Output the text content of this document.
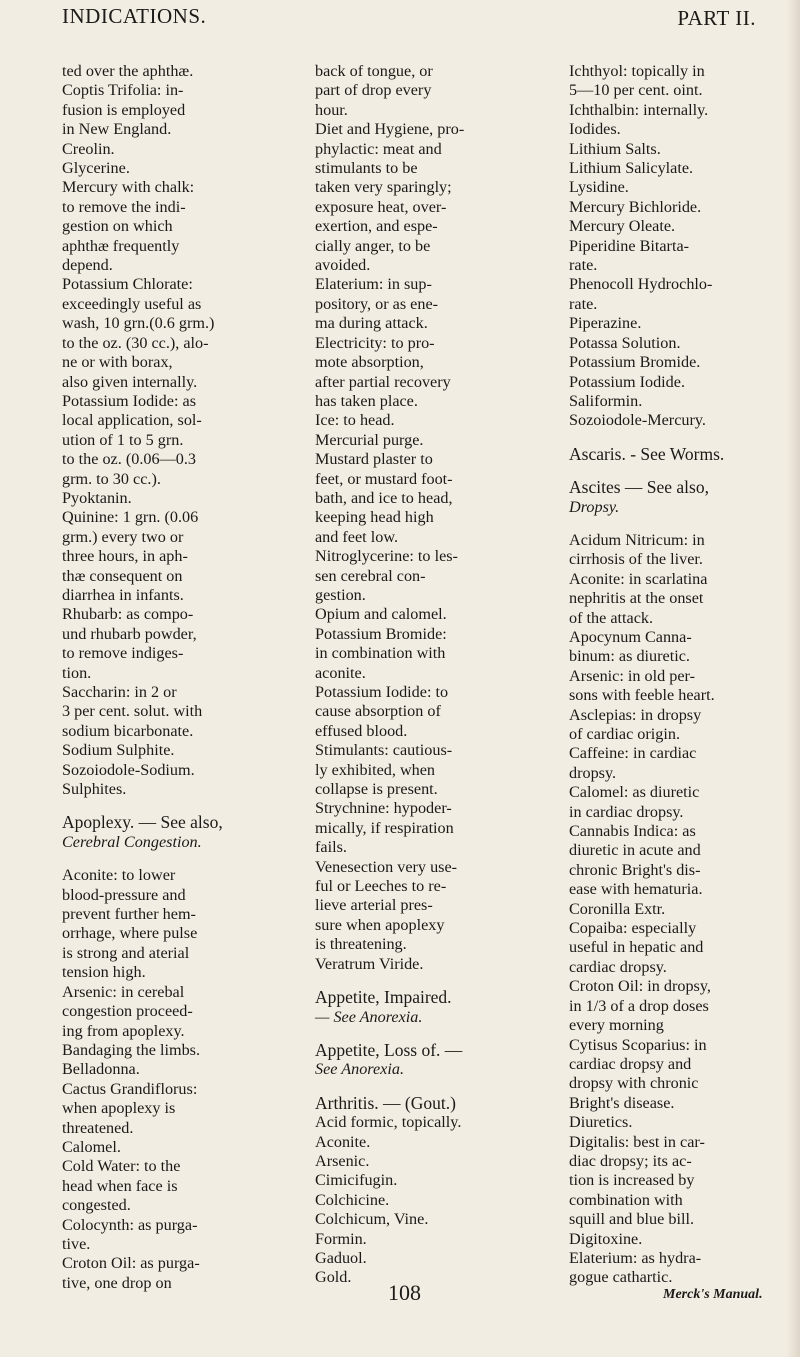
INDICATIONS.	PART II.
ted over the aphthæ.
Coptis Trifolia: in-
fusion is employed
in New England.
Creolin.
Glycerine.
Mercury with chalk:
to remove the indi-
gestion on which
aphthæ frequently
depend.
Potassium Chlorate:
exceedingly useful as
wash, 10 grn.(0.6 grm.)
to the oz. (30 cc.), alo-
ne or with borax,
also given internally.
Potassium Iodide: as
local application, sol-
ution of 1 to 5 grn.
to the oz. (0.06—0.3
grm. to 30 cc.).
Pyoktanin.
Quinine: 1 grn. (0.06
grm.) every two or
three hours, in aph-
thæ consequent on
diarrhea in infants.
Rhubarb: as compo-
und rhubarb powder,
to remove indiges-
tion.
Saccharin: in 2 or
3 per cent. solut. with
sodium bicarbonate.
Sodium Sulphite.
Sozoiodole-Sodium.
Sulphites.
Apoplexy. — See also,
Cerebral Congestion.
Aconite: to lower
blood-pressure and
prevent further hem-
orrhage, where pulse
is strong and aterial
tension high.
Arsenic: in cerebal
congestion proceed-
ing from apoplexy.
Bandaging the limbs.
Belladonna.
Cactus Grandiflorus:
when apoplexy is
threatened.
Calomel.
Cold Water: to the
head when face is
congested.
Colocynth: as purga-
tive.
Croton Oil: as purga-
tive, one drop on
back of tongue, or
part of drop every
hour.
Diet and Hygiene, pro-
phylactic: meat and
stimulants to be
taken very sparingly;
exposure heat, over-
exertion, and espe-
cially anger, to be
avoided.
Elaterium: in sup-
pository, or as ene-
ma during attack.
Electricity: to pro-
mote absorption,
after partial recovery
has taken place.
Ice: to head.
Mercurial purge.
Mustard plaster to
feet, or mustard foot-
bath, and ice to head,
keeping head high
and feet low.
Nitroglycerine: to les-
sen cerebral con-
gestion.
Opium and calomel.
Potassium Bromide:
in combination with
aconite.
Potassium Iodide: to
cause absorption of
effused blood.
Stimulants: cautious-
ly exhibited, when
collapse is present.
Strychnine: hypoder-
mically, if respiration
fails.
Venesection very use-
ful or Leeches to re-
lieve arterial pres-
sure when apoplexy
is threatening.
Veratrum Viride.
Appetite, Impaired.
— See Anorexia.
Appetite, Loss of. —
See Anorexia.
Arthritis. — (Gout.)
Acid formic, topically.
Aconite.
Arsenic.
Cimicifugin.
Colchicine.
Colchicum, Vine.
Formin.
Gaduol.
Gold.
Ichthyol: topically in
5—10 per cent. oint.
Ichthalbin: internally.
Iodides.
Lithium Salts.
Lithium Salicylate.
Lysidine.
Mercury Bichloride.
Mercury Oleate.
Piperidine Bitarta-
rate.
Phenocoll Hydrochlo-
rate.
Piperazine.
Potassa Solution.
Potassium Bromide.
Potassium Iodide.
Saliformin.
Sozoiodole-Mercury.
Ascaris. - See Worms.
Ascites — See also,
Dropsy.
Acidum Nitricum: in
cirrhosis of the liver.
Aconite: in scarlatina
nephritis at the onset
of the attack.
Apocynum Canna-
binum: as diuretic.
Arsenic: in old per-
sons with feeble heart.
Asclepias: in dropsy
of cardiac origin.
Caffeine: in cardiac
dropsy.
Calomel: as diuretic
in cardiac dropsy.
Cannabis Indica: as
diuretic in acute and
chronic Bright's dis-
ease with hematuria.
Coronilla Extr.
Copaiba: especially
useful in hepatic and
cardiac dropsy.
Croton Oil: in dropsy,
in 1/3 of a drop doses
every morning
Cytisus Scoparius: in
cardiac dropsy and
dropsy with chronic
Bright's disease.
Diuretics.
Digitalis: best in car-
diac dropsy; its ac-
tion is increased by
combination with
squill and blue bill.
Digitoxine.
Elaterium: as hydra-
gogue cathartic.
108	Merck's Manual.
